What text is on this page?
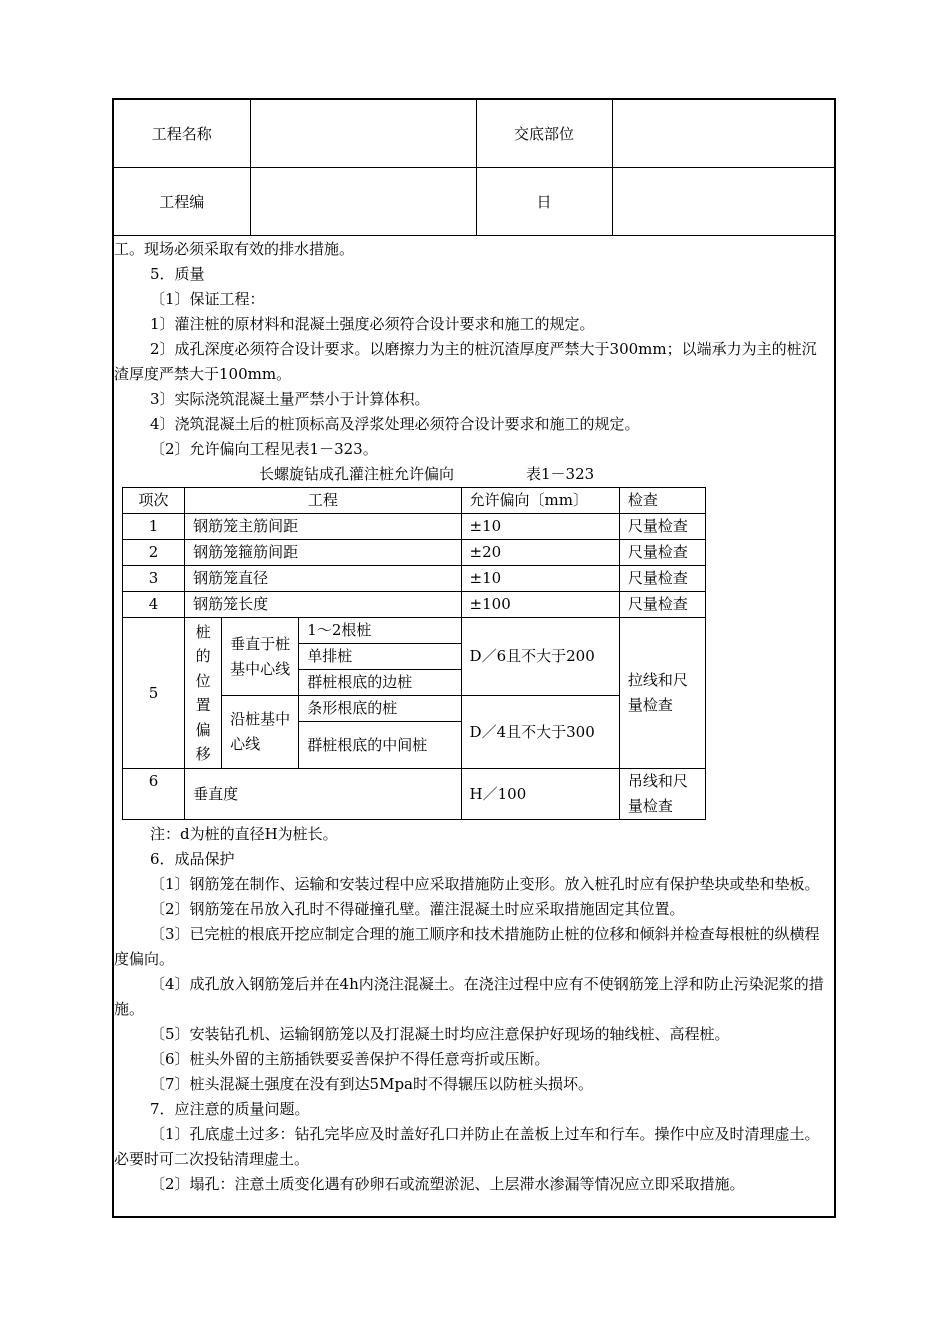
工程名称		交底部位	
工程编		日	

工。现场必须采取有效的排水措施。

5．质量

〔1〕保证工程：

1〕灌注桩的原材料和混凝土强度必须符合设计要求和施工的规定。

2〕成孔深度必须符合设计要求。以磨擦力为主的桩沉渣厚度严禁大于300mm；以端承力为主的桩沉渣厚度严禁大于100mm。

3〕实际浇筑混凝土量严禁小于计算体积。

4〕浇筑混凝土后的桩顶标高及浮浆处理必须符合设计要求和施工的规定。

〔2〕允许偏向工程见表1－323。

长螺旋钻成孔灌注桩允许偏向	表1－323
项次	工程			允许偏向〔mm〕	检查
1	钢筋笼主筋间距			±10	尺量检查
2	钢筋笼箍筋间距			±20	尺量检查
3	钢筋笼直径			±10	尺量检查
4	钢筋笼长度			±100	尺量检查
5	桩的位置偏移	垂直于桩基中心线	1～2根桩	D／6且不大于200	拉线和尺量检查

			单排桩		
			群桩根底的边桩		

		沿桩基中心线	条形根底的桩	D／4且不大于300	
			群桩根底的中间桩		
6	垂直度			H／100	吊线和尺量检查

注：d为桩的直径H为桩长。

6．成品保护

〔1〕钢筋笼在制作、运输和安装过程中应采取措施防止变形。放入桩孔时应有保护垫块或垫和垫板。

〔2〕钢筋笼在吊放入孔时不得碰撞孔壁。灌注混凝土时应采取措施固定其位置。

〔3〕已完桩的根底开挖应制定合理的施工顺序和技术措施防止桩的位移和倾斜并检查每根桩的纵横程度偏向。

〔4〕成孔放入钢筋笼后并在4h内浇注混凝土。在浇注过程中应有不使钢筋笼上浮和防止污染泥浆的措施。

〔5〕安装钻孔机、运输钢筋笼以及打混凝土时均应注意保护好现场的轴线桩、高程桩。

〔6〕桩头外留的主筋插铁要妥善保护不得任意弯折或压断。

〔7〕桩头混凝土强度在没有到达5Mpa时不得辗压以防桩头损坏。

7．应注意的质量问题。

〔1〕孔底虚土过多：钻孔完毕应及时盖好孔口并防止在盖板上过车和行车。操作中应及时清理虚土。必要时可二次投钻清理虚土。

〔2〕塌孔：注意土质变化遇有砂卵石或流塑淤泥、上层滞水渗漏等情况应立即采取措施。
